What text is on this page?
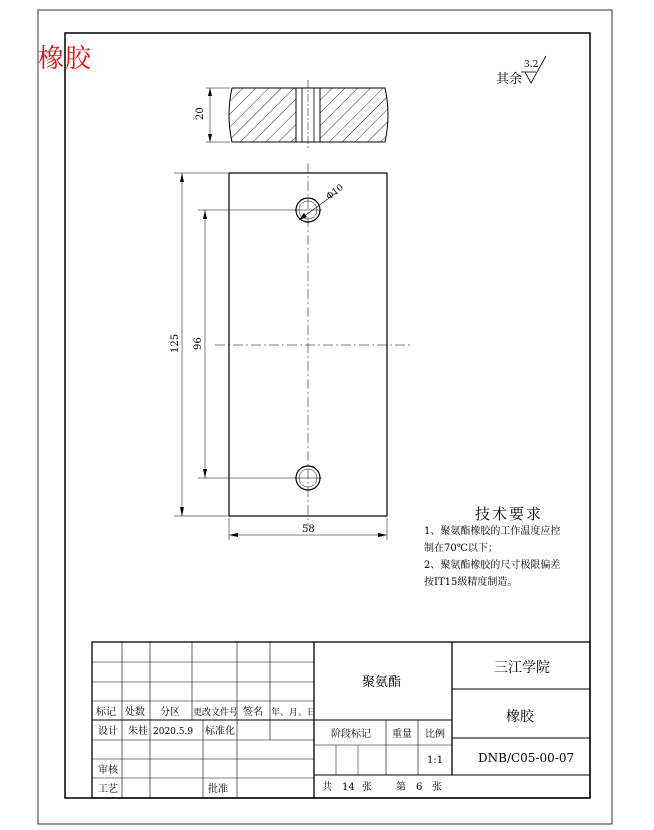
其余
3.2
20
125 96
58
Φ10
标记 处数 分区 更改文件号 签名 年、月、日
设计 朱桂 2020.5.9 标准化
审核
工艺	批准
聚氨酯
阶段标记 重量 比例
1:1
共 14 张 第 6 张
三江学院
橡胶
DNB/C05-00-07
橡胶

技术要求

1、聚氨酯橡胶的工作温度应控

制在70℃以下；

2、聚氨酯橡胶的尺寸极限偏差

按IT15级精度制造。
